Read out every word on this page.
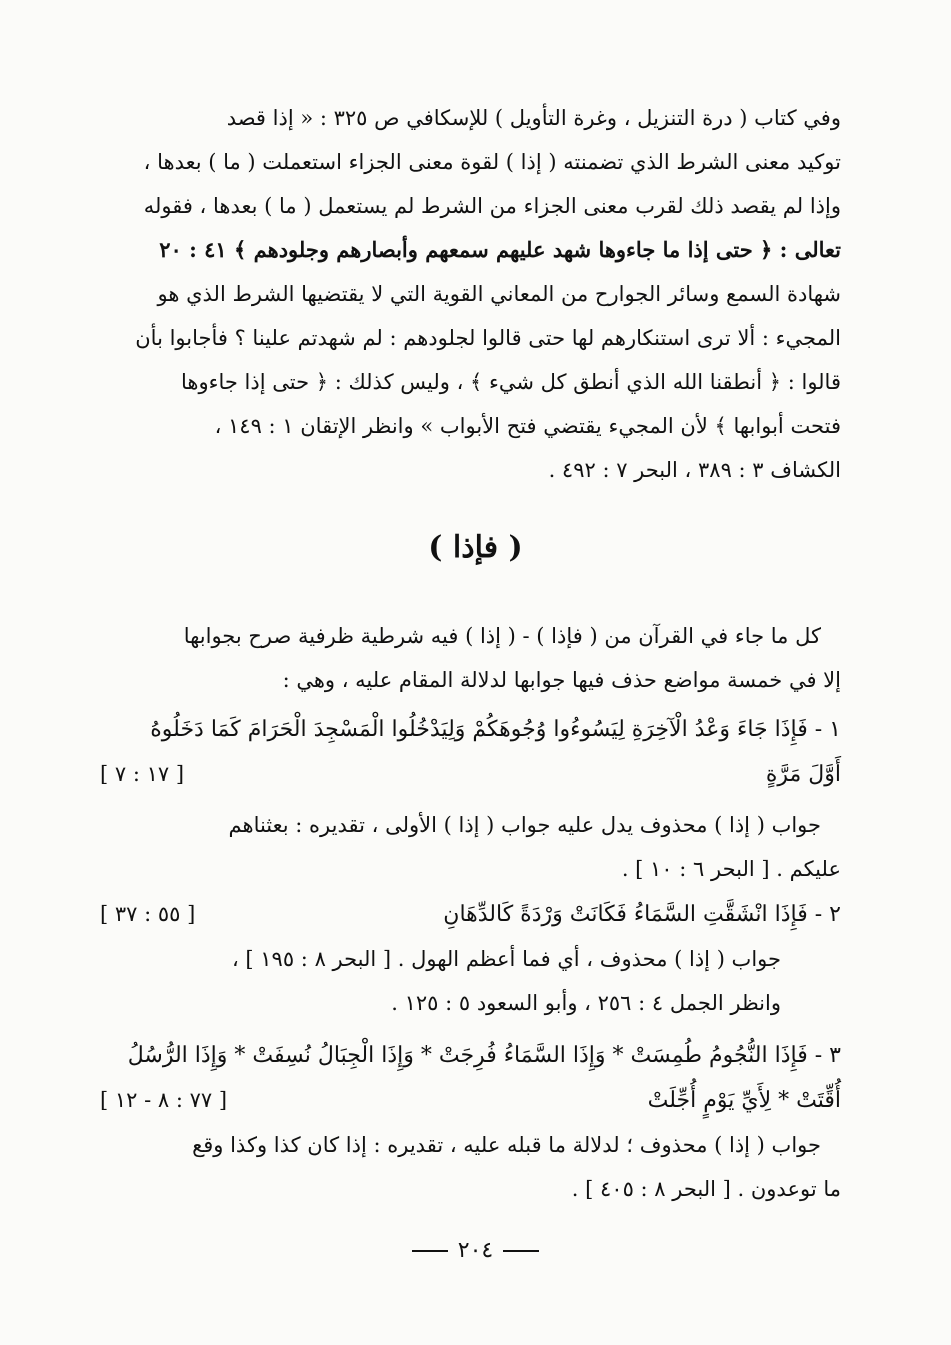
وفي كتاب ( درة التنزيل ، وغرة التأويل ) للإسكافي ص ٣٢٥ : « إذا قصد
توكيد معنى الشرط الذي تضمنته ( إذا ) لقوة معنى الجزاء استعملت ( ما ) بعدها ،
وإذا لم يقصد ذلك لقرب معنى الجزاء من الشرط لم يستعمل ( ما ) بعدها ، فقوله
تعالى : ﴿ حتى إذا ما جاءوها شهد عليهم سمعهم وأبصارهم وجلودهم ﴾ ٤١ : ٢٠
شهادة السمع وسائر الجوارح من المعاني القوية التي لا يقتضيها الشرط الذي هو
المجيء : ألا ترى استنكارهم لها حتى قالوا لجلودهم : لم شهدتم علينا ؟ فأجابوا بأن
قالوا : ﴿ أنطقنا الله الذي أنطق كل شيء ﴾ ، وليس كذلك : ﴿ حتى إذا جاءوها
فتحت أبوابها ﴾ لأن المجيء يقتضي فتح الأبواب » وانظر الإتقان ١ : ١٤٩ ،
الكشاف ٣ : ٣٨٩ ، البحر ٧ : ٤٩٢ .
( فإذا )
كل ما جاء في القرآن من ( فإذا ) - ( إذا ) فيه شرطية ظرفية صرح بجوابها
إلا في خمسة مواضع حذف فيها جوابها لدلالة المقام عليه ، وهي :
١ - فَإِذَا جَاءَ وَعْدُ الْآخِرَةِ لِيَسُوءُوا وُجُوهَكُمْ وَلِيَدْخُلُوا الْمَسْجِدَ الْحَرَامَ كَمَا دَخَلُوهُ
أَوَّلَ مَرَّةٍ
[ ١٧ : ٧ ]
جواب ( إذا ) محذوف يدل عليه جواب ( إذا ) الأولى ، تقديره : بعثناهم
عليكم . [ البحر ٦ : ١٠ ] .
٢ - فَإِذَا انْشَقَّتِ السَّمَاءُ فَكَانَتْ وَرْدَةً كَالدِّهَانِ
[ ٥٥ : ٣٧ ]
جواب ( إذا ) محذوف ، أي فما أعظم الهول . [ البحر ٨ : ١٩٥ ] ،
وانظر الجمل ٤ : ٢٥٦ ، وأبو السعود ٥ : ١٢٥ .
٣ - فَإِذَا النُّجُومُ طُمِسَتْ * وَإِذَا السَّمَاءُ فُرِجَتْ * وَإِذَا الْجِبَالُ نُسِفَتْ * وَإِذَا الرُّسُلُ
أُقِّتَتْ * لِأَيِّ يَوْمٍ أُجِّلَتْ
[ ٧٧ : ٨ - ١٢ ]
جواب ( إذا ) محذوف ؛ لدلالة ما قبله عليه ، تقديره : إذا كان كذا وكذا وقع
ما توعدون . [ البحر ٨ : ٤٠٥ ] .
٢٠٤
